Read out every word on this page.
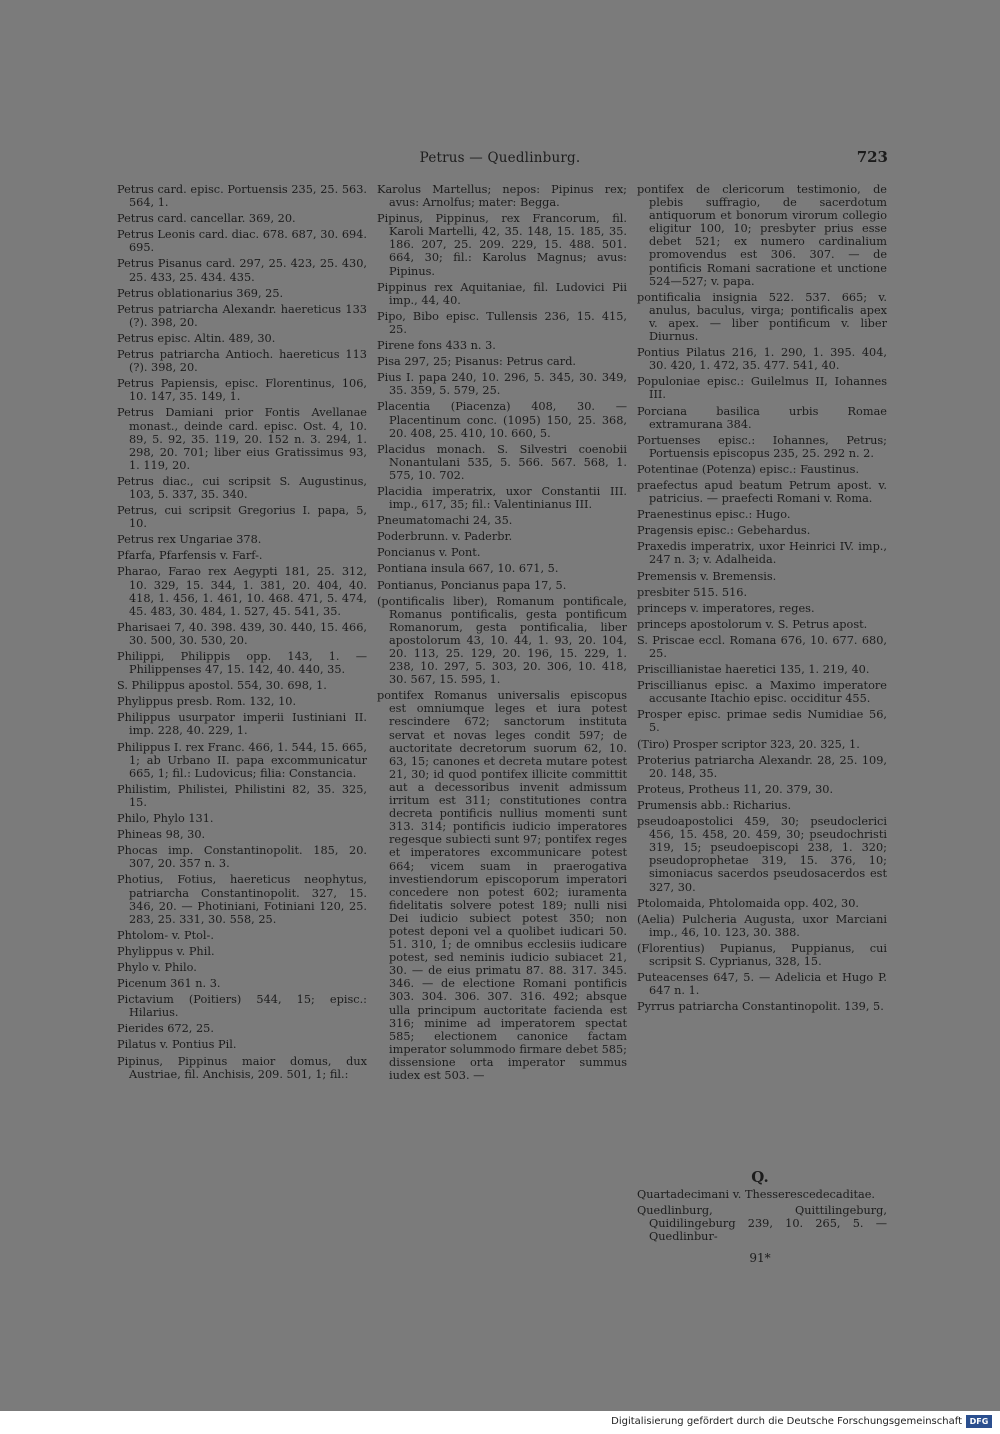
Petrus — Quedlinburg.	723

Petrus card. episc. Portuensis 235, 25. 563. 564, 1.

Petrus card. cancellar. 369, 20.

Petrus Leonis card. diac. 678. 687, 30. 694. 695.

Petrus Pisanus card. 297, 25. 423, 25. 430, 25. 433, 25. 434. 435.

Petrus oblationarius 369, 25.

Petrus patriarcha Alexandr. haereticus 133 (?). 398, 20.

Petrus episc. Altin. 489, 30.

Petrus patriarcha Antioch. haereticus 113 (?). 398, 20.

Petrus Papiensis, episc. Florentinus, 106, 10. 147, 35. 149, 1.

Petrus Damiani prior Fontis Avellanae monast., deinde card. episc. Ost. 4, 10. 89, 5. 92, 35. 119, 20. 152 n. 3. 294, 1. 298, 20. 701; liber eius Gratissimus 93, 1. 119, 20.

Petrus diac., cui scripsit S. Augustinus, 103, 5. 337, 35. 340.

Petrus, cui scripsit Gregorius I. papa, 5, 10.

Petrus rex Ungariae 378.

Pfarfa, Pfarfensis v. Farf-.

Pharao, Farao rex Aegypti 181, 25. 312, 10. 329, 15. 344, 1. 381, 20. 404, 40. 418, 1. 456, 1. 461, 10. 468. 471, 5. 474, 45. 483, 30. 484, 1. 527, 45. 541, 35.

Pharisaei 7, 40. 398. 439, 30. 440, 15. 466, 30. 500, 30. 530, 20.

Philippi, Philippis opp. 143, 1. — Philippenses 47, 15. 142, 40. 440, 35.

S. Philippus apostol. 554, 30. 698, 1.

Phylippus presb. Rom. 132, 10.

Philippus usurpator imperii Iustiniani II. imp. 228, 40. 229, 1.

Philippus I. rex Franc. 466, 1. 544, 15. 665, 1; ab Urbano II. papa excommunicatur 665, 1; fil.: Ludovicus; filia: Constancia.

Philistim, Philistei, Philistini 82, 35. 325, 15.

Philo, Phylo 131.

Phineas 98, 30.

Phocas imp. Constantinopolit. 185, 20. 307, 20. 357 n. 3.

Photius, Fotius, haereticus neophytus, patriarcha Constantinopolit. 327, 15. 346, 20. — Photiniani, Fotiniani 120, 25. 283, 25. 331, 30. 558, 25.

Phtolom- v. Ptol-.

Phylippus v. Phil.

Phylo v. Philo.

Picenum 361 n. 3.

Pictavium (Poitiers) 544, 15; episc.: Hilarius.

Pierides 672, 25.

Pilatus v. Pontius Pil.

Pipinus, Pippinus maior domus, dux Austriae, fil. Anchisis, 209. 501, 1; fil.:

Karolus Martellus; nepos: Pipinus rex; avus: Arnolfus; mater: Begga.

Pipinus, Pippinus, rex Francorum, fil. Karoli Martelli, 42, 35. 148, 15. 185, 35. 186. 207, 25. 209. 229, 15. 488. 501. 664, 30; fil.: Karolus Magnus; avus: Pipinus.

Pippinus rex Aquitaniae, fil. Ludovici Pii imp., 44, 40.

Pipo, Bibo episc. Tullensis 236, 15. 415, 25.

Pirene fons 433 n. 3.

Pisa 297, 25; Pisanus: Petrus card.

Pius I. papa 240, 10. 296, 5. 345, 30. 349, 35. 359, 5. 579, 25.

Placentia (Piacenza) 408, 30. — Placentinum conc. (1095) 150, 25. 368, 20. 408, 25. 410, 10. 660, 5.

Placidus monach. S. Silvestri coenobii Nonantulani 535, 5. 566. 567. 568, 1. 575, 10. 702.

Placidia imperatrix, uxor Constantii III. imp., 617, 35; fil.: Valentinianus III.

Pneumatomachi 24, 35.

Poderbrunn. v. Paderbr.

Poncianus v. Pont.

Pontiana insula 667, 10. 671, 5.

Pontianus, Poncianus papa 17, 5.

(pontificalis liber), Romanum pontificale, Romanus pontificalis, gesta pontificum Romanorum, gesta pontificalia, liber apostolorum 43, 10. 44, 1. 93, 20. 104, 20. 113, 25. 129, 20. 196, 15. 229, 1. 238, 10. 297, 5. 303, 20. 306, 10. 418, 30. 567, 15. 595, 1.

pontifex Romanus universalis episcopus est omniumque leges et iura potest rescindere 672; sanctorum instituta servat et novas leges condit 597; de auctoritate decretorum suorum 62, 10. 63, 15; canones et decreta mutare potest 21, 30; id quod pontifex illicite committit aut a decessoribus invenit admissum irritum est 311; constitutiones contra decreta pontificis nullius momenti sunt 313. 314; pontificis iudicio imperatores regesque subiecti sunt 97; pontifex reges et imperatores excommunicare potest 664; vicem suam in praerogativa investiendorum episcoporum imperatori concedere non potest 602; iuramenta fidelitatis solvere potest 189; nulli nisi Dei iudicio subiect potest 350; non potest deponi vel a quolibet iudicari 50. 51. 310, 1; de omnibus ecclesiis iudicare potest, sed neminis iudicio subiacet 21, 30. — de eius primatu 87. 88. 317. 345. 346. — de electione Romani pontificis 303. 304. 306. 307. 316. 492; absque ulla principum auctoritate facienda est 316; minime ad imperatorem spectat 585; electionem canonice factam imperator solummodo firmare debet 585; dissensione orta imperator summus iudex est 503. —

pontifex de clericorum testimonio, de plebis suffragio, de sacerdotum antiquorum et bonorum virorum collegio eligitur 100, 10; presbyter prius esse debet 521; ex numero cardinalium promovendus est 306. 307. — de pontificis Romani sacratione et unctione 524—527; v. papa.

pontificalia insignia 522. 537. 665; v. anulus, baculus, virga; pontificalis apex v. apex. — liber pontificum v. liber Diurnus.

Pontius Pilatus 216, 1. 290, 1. 395. 404, 30. 420, 1. 472, 35. 477. 541, 40.

Populoniae episc.: Guilelmus II, Iohannes III.

Porciana basilica urbis Romae extramurana 384.

Portuenses episc.: Iohannes, Petrus; Portuensis episcopus 235, 25. 292 n. 2.

Potentinae (Potenza) episc.: Faustinus.

praefectus apud beatum Petrum apost. v. patricius. — praefecti Romani v. Roma.

Praenestinus episc.: Hugo.

Pragensis episc.: Gebehardus.

Praxedis imperatrix, uxor Heinrici IV. imp., 247 n. 3; v. Adalheida.

Premensis v. Bremensis.

presbiter 515. 516.

princeps v. imperatores, reges.

princeps apostolorum v. S. Petrus apost.

S. Priscae eccl. Romana 676, 10. 677. 680, 25.

Priscillianistae haeretici 135, 1. 219, 40.

Priscillianus episc. a Maximo imperatore accusante Itachio episc. occiditur 455.

Prosper episc. primae sedis Numidiae 56, 5.

(Tiro) Prosper scriptor 323, 20. 325, 1.

Proterius patriarcha Alexandr. 28, 25. 109, 20. 148, 35.

Proteus, Protheus 11, 20. 379, 30.

Prumensis abb.: Richarius.

pseudoapostolici 459, 30; pseudoclerici 456, 15. 458, 20. 459, 30; pseudochristi 319, 15; pseudoepiscopi 238, 1. 320; pseudoprophetae 319, 15. 376, 10; simoniacus sacerdos pseudosacerdos est 327, 30.

Ptolomaida, Phtolomaida opp. 402, 30.

(Aelia) Pulcheria Augusta, uxor Marciani imp., 46, 10. 123, 30. 388.

(Florentius) Pupianus, Puppianus, cui scripsit S. Cyprianus, 328, 15.

Puteacenses 647, 5. — Adelicia et Hugo P. 647 n. 1.

Pyrrus patriarcha Constantinopolit. 139, 5.

Q.

Quartadecimani v. Thesserescedecaditae.

Quedlinburg, Quittilingeburg, Quidilingeburg 239, 10. 265, 5. — Quedlinbur-

91*
Digitalisierung gefördert durch die Deutsche Forschungsgemeinschaft DFG
